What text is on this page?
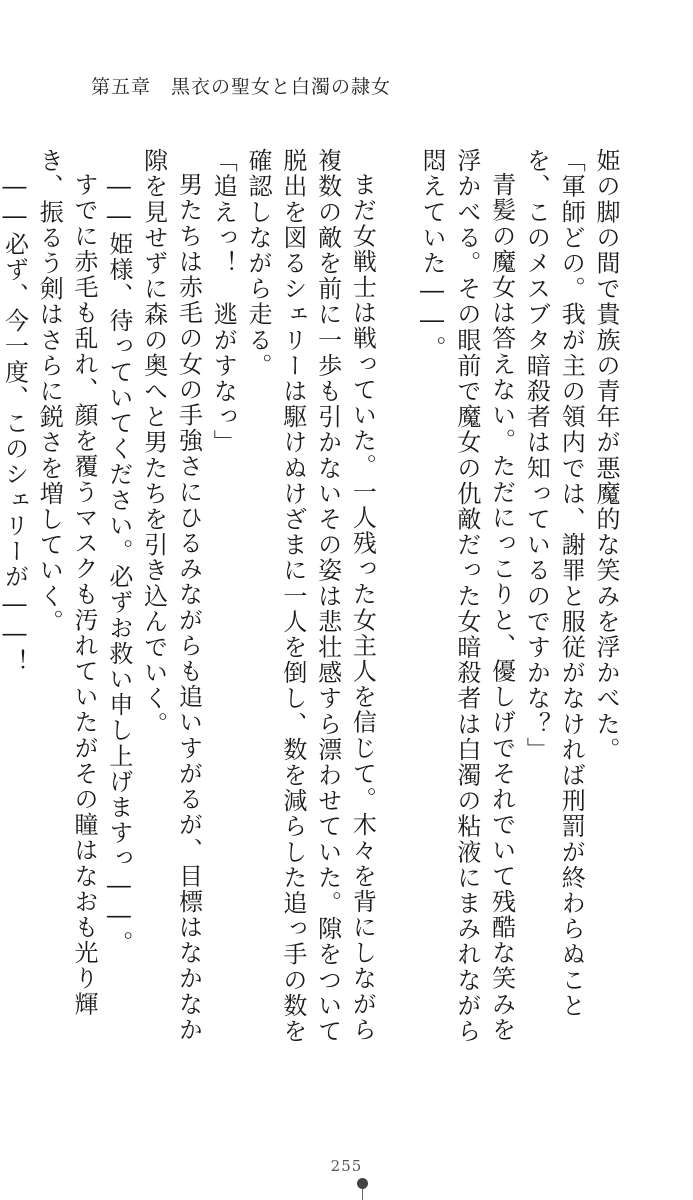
第五章　黒衣の聖女と白濁の隷女

姫の脚の間で貴族の青年が悪魔的な笑みを浮かべた。

「軍師どの。我が主の領内では、謝罪と服従がなければ刑罰が終わらぬことを、このメスブタ暗殺者は知っているのですかな？」

青髪の魔女は答えない。ただにっこりと、優しげでそれでいて残酷な笑みを浮かべる。その眼前で魔女の仇敵だった女暗殺者は白濁の粘液にまみれながら悶えていた――。

まだ女戦士は戦っていた。一人残った女主人を信じて。木々を背にしながら複数の敵を前に一歩も引かないその姿は悲壮感すら漂わせていた。隙をついて脱出を図るシェリーは駆けぬけざまに一人を倒し、数を減らした追っ手の数を確認しながら走る。

「追えっ！　逃がすなっ」

男たちは赤毛の女の手強さにひるみながらも追いすがるが、目標はなかなか隙を見せずに森の奥へと男たちを引き込んでいく。

――姫様、待っていてください。必ずお救い申し上げますっ――。

すでに赤毛も乱れ、顔を覆うマスクも汚れていたがその瞳はなおも光り輝き、振るう剣はさらに鋭さを増していく。

――必ず、今一度、このシェリーが――！

255
